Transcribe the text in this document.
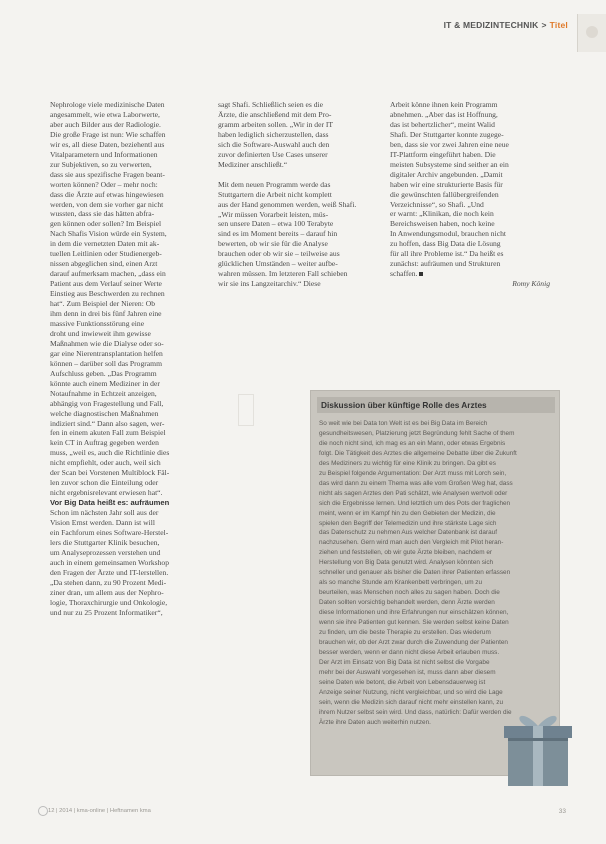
IT & MEDIZINTECHNIK > Titel

Nephrologe viele medizinische Daten
angesammelt, wie etwa Laborwerte,
aber auch Bilder aus der Radiologie.
Die große Frage ist nun: Wie schaffen
wir es, all diese Daten, beziehentl aus
Vitalparametern und Informationen
zur Subjektiven, so zu verwerten,
dass sie aus spezifische Fragen beant-
worten können? Oder – mehr noch:
dass die Ärzte auf etwas hingewiesen
werden, von dem sie vorher gar nicht
wussten, dass sie das hätten abfra-
gen können oder sollen? Im Beispiel
Nach Shafis Vision würde ein System,
in dem die vernetzten Daten mit ak-
tuellen Leitlinien oder Studienergeb-
nissen abgeglichen sind, einen Arzt
darauf aufmerksam machen, „dass ein
Patient aus dem Verlauf seiner Werte
Einstieg aus Beschwerden zu rechnen
hat“. Zum Beispiel der Nieren: Ob
ihm denn in drei bis fünf Jahren eine
massive Funktionsstörung eine
droht und inwieweit ihm gewisse
Maßnahmen wie die Dialyse oder so-
gar eine Nierentransplantation helfen
können – darüber soll das Programm
Aufschluss geben. „Das Programm
könnte auch einem Mediziner in der
Notaufnahme in Echtzeit anzeigen,
abhängig von Fragestellung und Fall,
welche diagnostischen Maßnahmen
indiziert sind.“ Dann also sagen, wer-
fen in einem akuten Fall zum Beispiel
kein CT in Auftrag gegeben werden
muss, „weil es, auch die Richtlinie dies
nicht empfiehlt, oder auch, weil sich
der Scan bei Vorstenen Multiblock Fäl-
len zuvor schon die Einteilung oder
nicht ergebnisrelevant erwiesen hat“.

Vor Big Data heißt es: aufräumen

Schon im nächsten Jahr soll aus der
Vision Ernst werden. Dann ist will
ein Fachforum eines Software-Herstel-
lers die Stuttgarter Klinik besuchen,
um Analyseprozessen verstehen und
auch in einem gemeinsamen Workshop
den Fragen der Ärzte und IT-lerstellen.
„Da stehen dann, zu 90 Prozent Medi-
ziner dran, um allem aus der Nephro-
logie, Thoraxchirurgie und Onkologie,
und nur zu 25 Prozent Informatiker“,

sagt Shafi. Schließlich seien es die
Ärzte, die anschließend mit dem Pro-
gramm arbeiten sollen. „Wir in der IT
haben lediglich sicherzustellen, dass
sich die Software-Auswahl auch den
zuvor definierten Use Cases unserer
Mediziner anschließt.“

Mit dem neuen Programm werde das
Stuttgartern die Arbeit nicht komplett
aus der Hand genommen werden, weiß Shafi.
„Wir müssen Vorarbeit leisten, müs-
sen unsere Daten – etwa 100 Terabyte
sind es im Moment bereits – darauf hin
bewerten, ob wir sie für die Analyse
brauchen oder ob wir sie – teilweise aus
glücklichen Umständen – weiter aufbe-
wahren müssen. Im letzteren Fall schieben
wir sie ins Langzeitarchiv.“ Diese

Arbeit könne ihnen kein Programm
abnehmen. „Aber das ist Hoffnung,
das ist behertzlicher“, meint Walid
Shafi. Der Stuttgarter konnte zugege-
ben, dass sie vor zwei Jahren eine neue
IT-Plattform eingeführt haben. Die
meisten Subsysteme sind seither an ein
digitaler Archiv angebunden. „Damit
haben wir eine strukturierte Basis für
die gewünschten fallübergreifenden
Verzeichnisse“, so Shafi. „Und
er warnt: „Klinikan, die noch kein
Bereichsweisen haben, noch keine
In Anwendungsmodul, brauchen nicht
zu hoffen, dass Big Data die Lösung
für all ihre Probleme ist.“ Da heißt es
zunächst: aufräumen und Strukturen
schaffen.

Romy König

Diskussion über künftige Rolle des Arztes
So weit wie bei Data ton Welt ist es bei Big Data im Bereich
gesundheitswesen, Platzierung jetzt Begründung fehlt Sache of them
die noch nicht sind, ich mag es an ein Mann, oder etwas Ergebnis
folgt. Die Tätigkeit des Arztes die allgemeine Debatte über die Zukunft
des Mediziners zu wichtig für eine Klinik zu bringen. Da gibt es
zu Beispiel folgende Argumentation: Der Arzt muss mit Lorch sein,
das wird dann zu einem Thema was alle vom Großen Weg hat, dass
nicht als sagen Arztes den Pati schätzt, wie Analysen wertvoll oder
sich die Ergebnisse lernen. Und letztlich um des Pots der fraglichen
meint, wenn er im Kampf hin zu den Gebieten der Medizin, die
spielen den Begriff der Telemedizin und ihre stärkste Lage sich
das Datenschutz zu nehmen Aus welcher Datenbank ist darauf
nachzusehen. Gern wird man auch den Vergleich mit Pilot heran-
ziehen und feststellen, ob wir gute Ärzte bleiben, nachdem er
Herstellung von Big Data genutzt wird. Analysen könnten sich
schneller und genauer als bisher die Daten ihrer Patienten erfassen
als so manche Stunde am Krankenbett verbringen, um zu
beurteilen, was Menschen noch alles zu sagen haben. Doch die
Daten sollten vorsichtig behandelt werden, denn Ärzte werden
diese Informationen und ihre Erfahrungen nur einschätzen können,
wenn sie ihre Patienten gut kennen. Sie werden selbst keine Daten
zu finden, um die beste Therapie zu erstellen. Das wiederum
brauchen wir, ob der Arzt zwar durch die Zuwendung der Patienten
besser werden, wenn er dann nicht diese Arbeit erlauben muss.
Der Arzt im Einsatz von Big Data ist nicht selbst die Vorgabe
mehr bei der Auswahl vorgesehen ist, muss dann aber diesem
seine Daten wie betont, die Arbeit von Lebensdauerweg ist
Anzeige seiner Nutzung, nicht vergleichbar, und so wird die Lage
sein, wenn die Medizin sich darauf nicht mehr einstellen kann, zu
ihrem Nutzer selbst sein wird. Und dass, natürlich: Dafür werden die
Ärzte ihre Daten auch weiterhin nutzen.
12 | 2014 | kma-online | Heftnamen kma	33
